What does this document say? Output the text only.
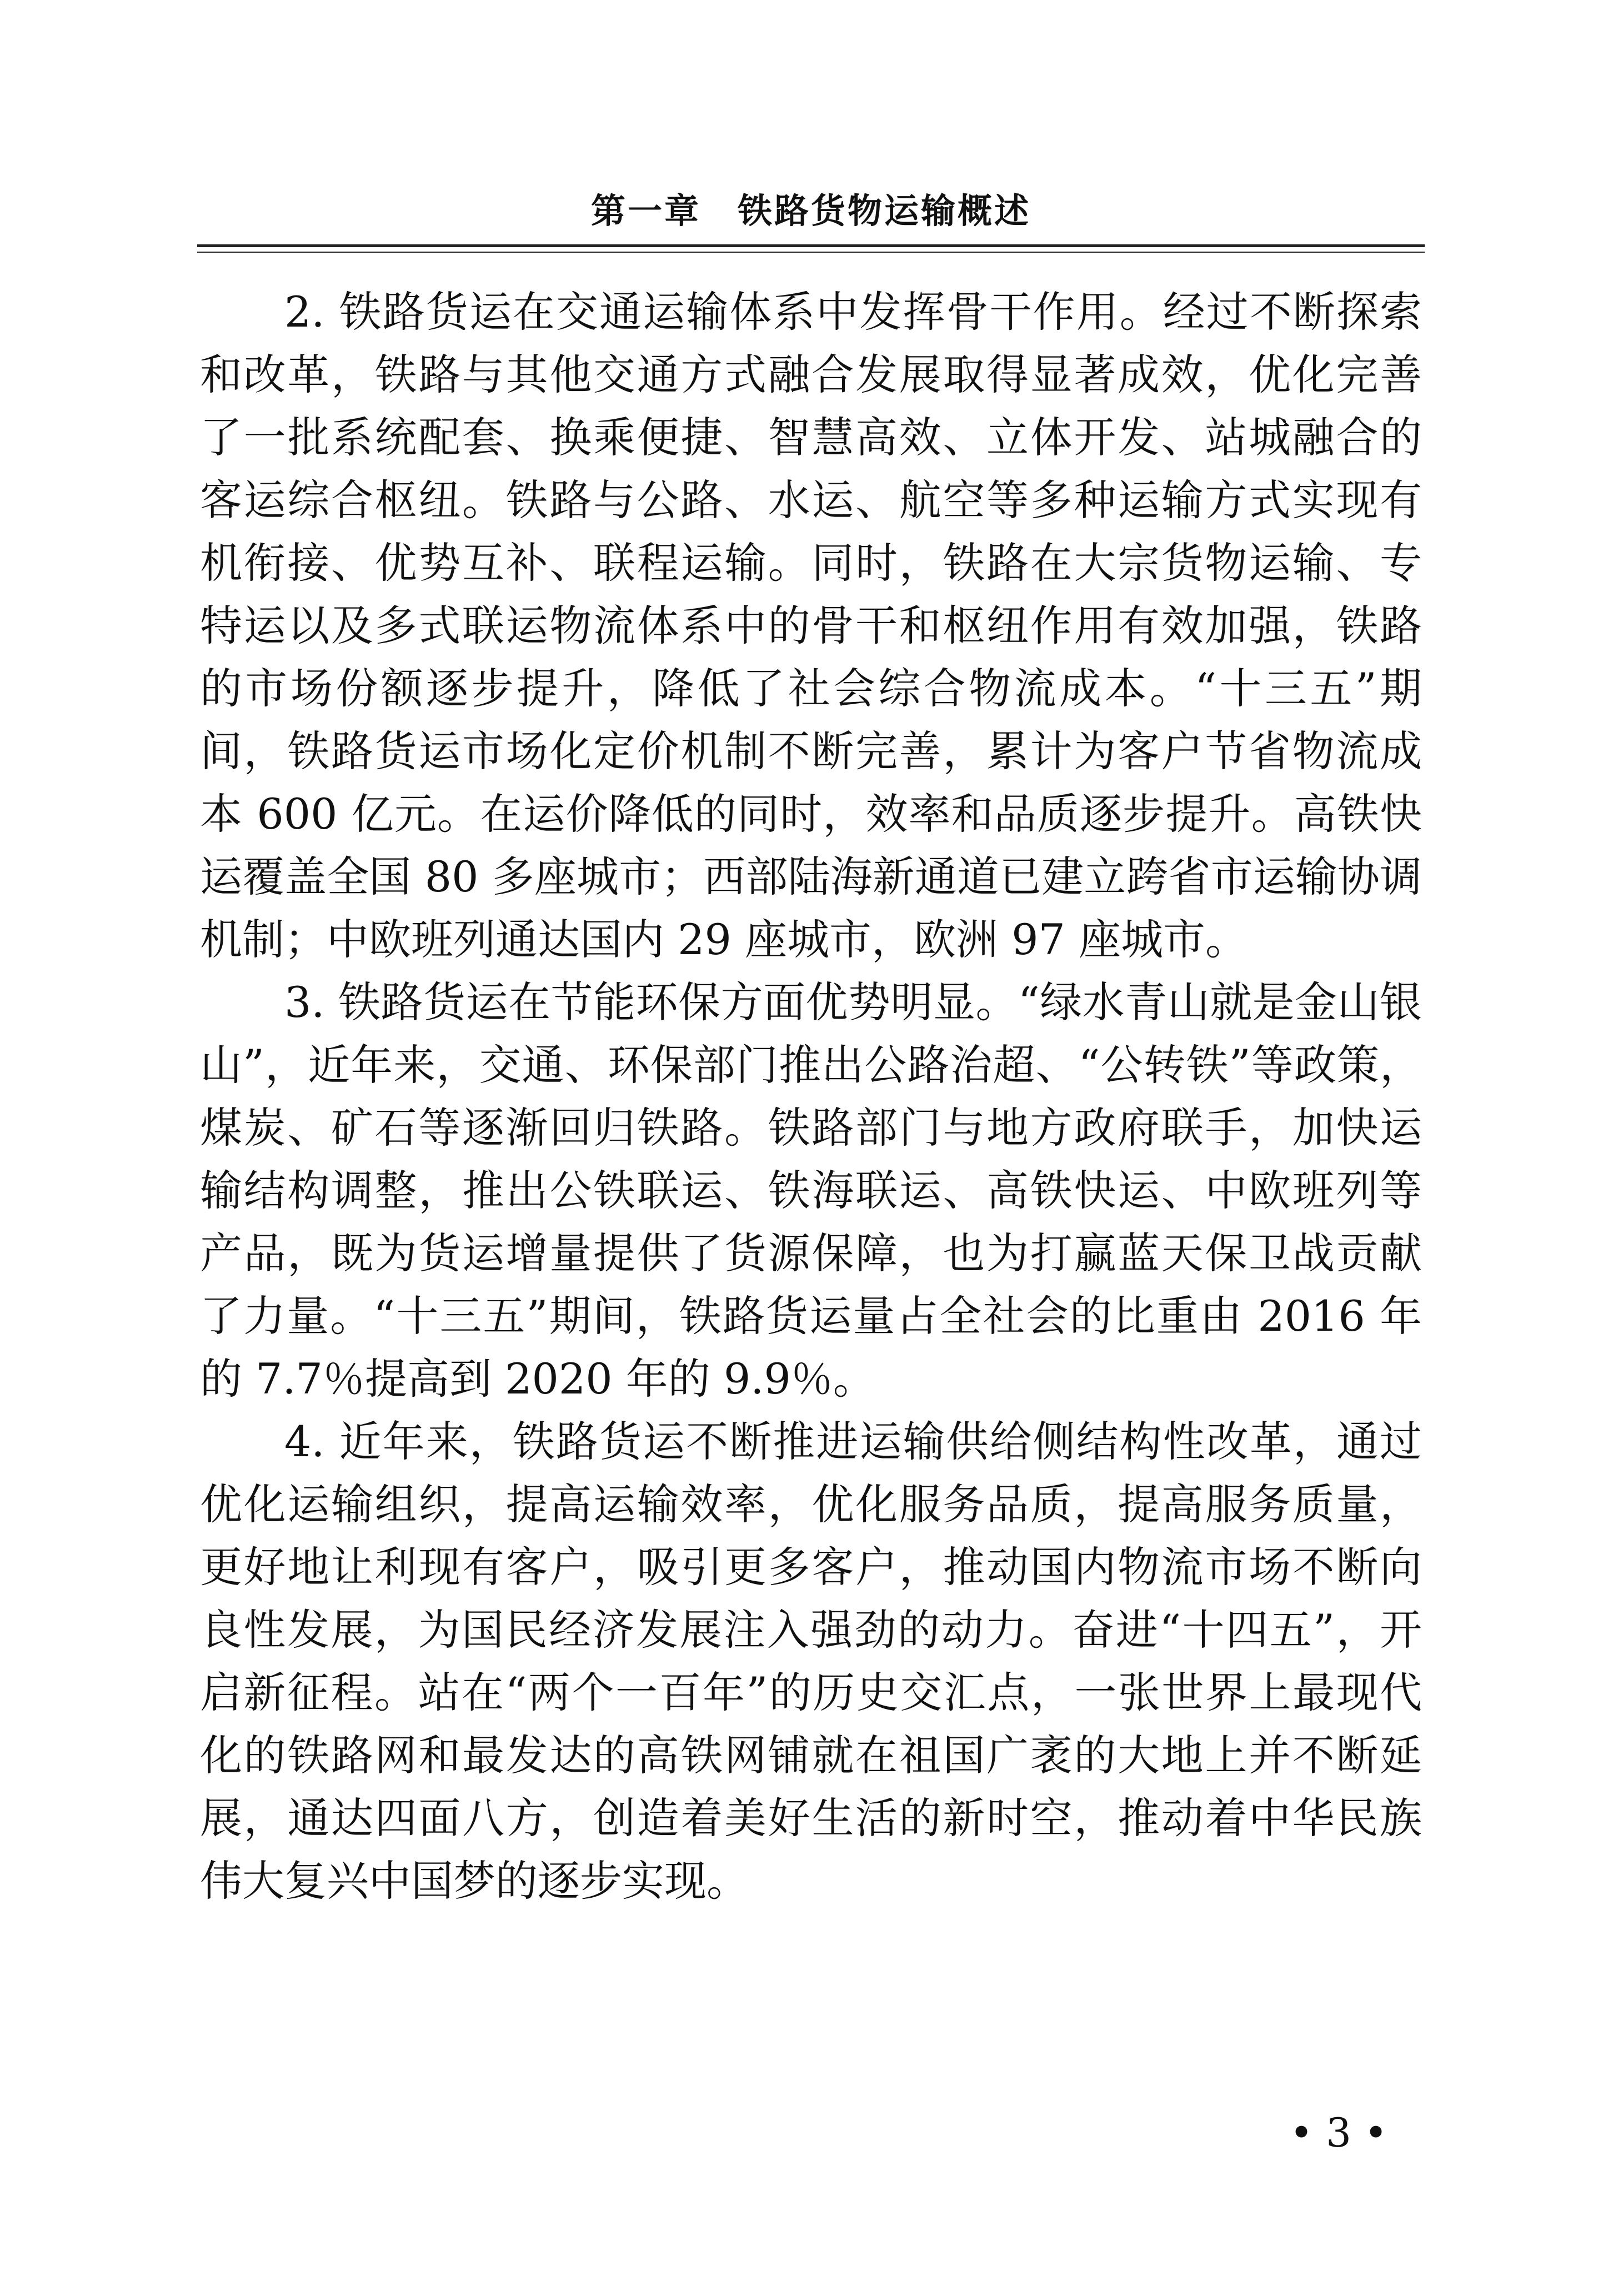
第一章　铁路货物运输概述

2. 铁路货运在交通运输体系中发挥骨干作用。经过不断探索和改革，铁路与其他交通方式融合发展取得显著成效，优化完善了一批系统配套、换乘便捷、智慧高效、立体开发、站城融合的客运综合枢纽。铁路与公路、水运、航空等多种运输方式实现有机衔接、优势互补、联程运输。同时，铁路在大宗货物运输、专特运以及多式联运物流体系中的骨干和枢纽作用有效加强，铁路的市场份额逐步提升，降低了社会综合物流成本。“十三五”期间，铁路货运市场化定价机制不断完善，累计为客户节省物流成本 600 亿元。在运价降低的同时，效率和品质逐步提升。高铁快运覆盖全国 80 多座城市；西部陆海新通道已建立跨省市运输协调机制；中欧班列通达国内 29 座城市，欧洲 97 座城市。

3. 铁路货运在节能环保方面优势明显。“绿水青山就是金山银山”，近年来，交通、环保部门推出公路治超、“公转铁”等政策，煤炭、矿石等逐渐回归铁路。铁路部门与地方政府联手，加快运输结构调整，推出公铁联运、铁海联运、高铁快运、中欧班列等产品，既为货运增量提供了货源保障，也为打赢蓝天保卫战贡献了力量。“十三五”期间，铁路货运量占全社会的比重由 2016 年的 7.7％提高到 2020 年的 9.9％。

4. 近年来，铁路货运不断推进运输供给侧结构性改革，通过优化运输组织，提高运输效率，优化服务品质，提高服务质量，更好地让利现有客户，吸引更多客户，推动国内物流市场不断向良性发展，为国民经济发展注入强劲的动力。奋进“十四五”，开启新征程。站在“两个一百年”的历史交汇点，一张世界上最现代化的铁路网和最发达的高铁网铺就在祖国广袤的大地上并不断延展，通达四面八方，创造着美好生活的新时空，推动着中华民族伟大复兴中国梦的逐步实现。

• 3 •
